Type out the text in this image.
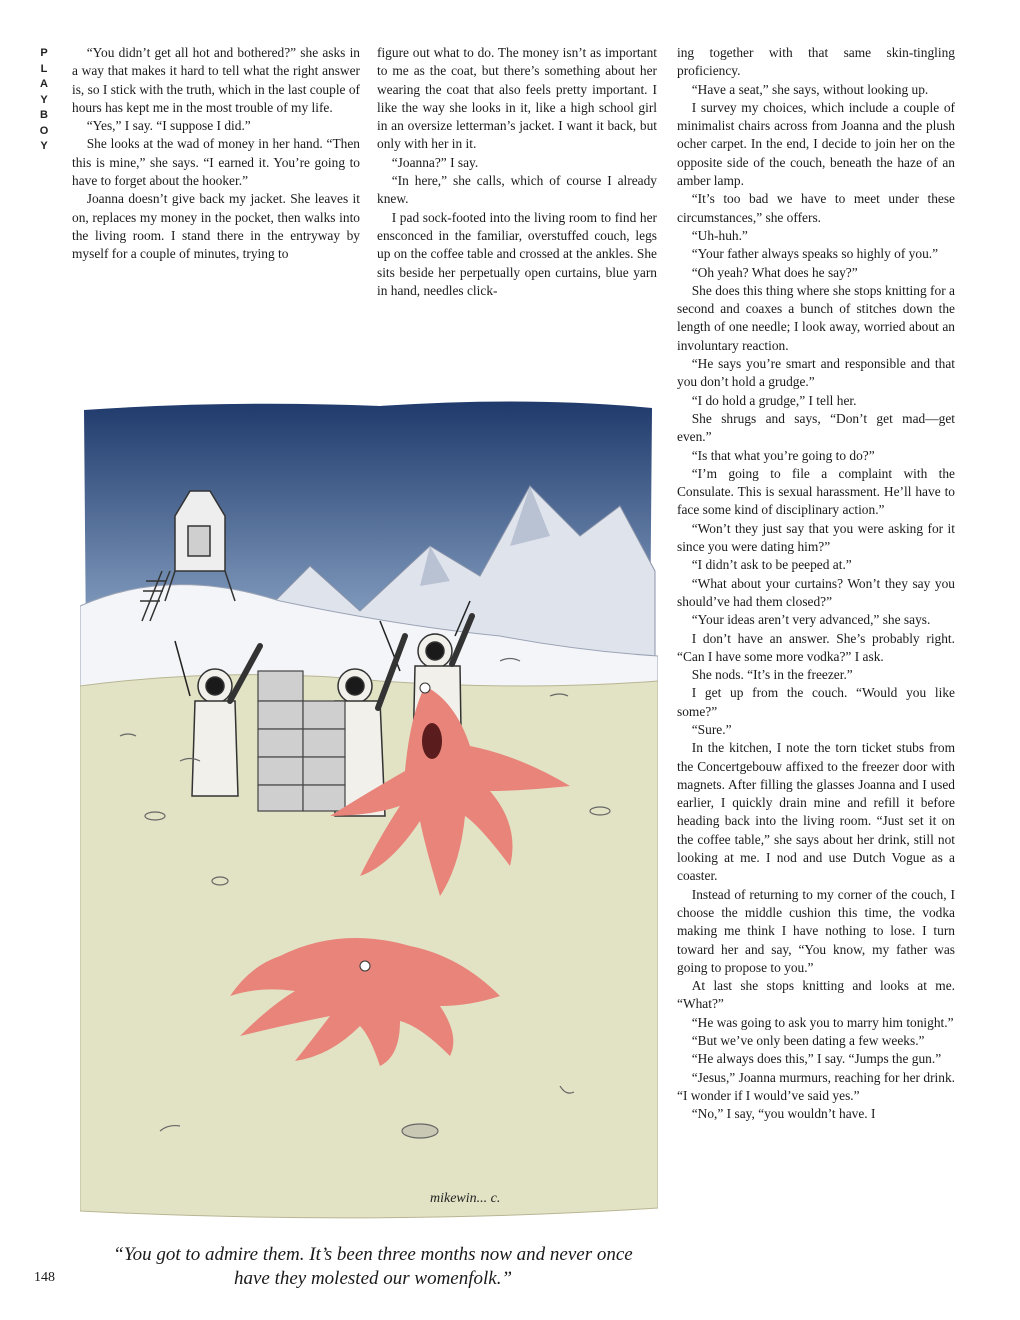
P
L
A
Y
B
O
Y

“You didn’t get all hot and bothered?” she asks in a way that makes it hard to tell what the right answer is, so I stick with the truth, which in the last couple of hours has kept me in the most trouble of my life.

“Yes,” I say. “I suppose I did.”

She looks at the wad of money in her hand. “Then this is mine,” she says. “I earned it. You’re going to have to forget about the hooker.”

Joanna doesn’t give back my jacket. She leaves it on, replaces my money in the pocket, then walks into the living room. I stand there in the entryway by myself for a couple of minutes, trying to

figure out what to do. The money isn’t as important to me as the coat, but there’s something about her wearing the coat that also feels pretty important. I like the way she looks in it, like a high school girl in an oversize letterman’s jacket. I want it back, but only with her in it.

“Joanna?” I say.

“In here,” she calls, which of course I already knew.

I pad sock-footed into the living room to find her ensconced in the familiar, overstuffed couch, legs up on the coffee table and crossed at the ankles. She sits beside her perpetually open curtains, blue yarn in hand, needles click-

ing together with that same skin-tingling proficiency.

“Have a seat,” she says, without looking up.

I survey my choices, which include a couple of minimalist chairs across from Joanna and the plush ocher carpet. In the end, I decide to join her on the opposite side of the couch, beneath the haze of an amber lamp.

“It’s too bad we have to meet under these circumstances,” she offers.

“Uh-huh.”

“Your father always speaks so highly of you.”

“Oh yeah? What does he say?”

She does this thing where she stops knitting for a second and coaxes a bunch of stitches down the length of one needle; I look away, worried about an involuntary reaction.

“He says you’re smart and responsible and that you don’t hold a grudge.”

“I do hold a grudge,” I tell her.

She shrugs and says, “Don’t get mad—get even.”

“Is that what you’re going to do?”

“I’m going to file a complaint with the Consulate. This is sexual harassment. He’ll have to face some kind of disciplinary action.”

“Won’t they just say that you were asking for it since you were dating him?”

“I didn’t ask to be peeped at.”

“What about your curtains? Won’t they say you should’ve had them closed?”

“Your ideas aren’t very advanced,” she says.

I don’t have an answer. She’s probably right. “Can I have some more vodka?” I ask.

She nods. “It’s in the freezer.”

I get up from the couch. “Would you like some?”

“Sure.”

In the kitchen, I note the torn ticket stubs from the Concertgebouw affixed to the freezer door with magnets. After filling the glasses Joanna and I used earlier, I quickly drain mine and refill it before heading back into the living room. “Just set it on the coffee table,” she says about her drink, still not looking at me. I nod and use Dutch Vogue as a coaster.

Instead of returning to my corner of the couch, I choose the middle cushion this time, the vodka making me think I have nothing to lose. I turn toward her and say, “You know, my father was going to propose to you.”

At last she stops knitting and looks at me. “What?”

“He was going to ask you to marry him tonight.”

“But we’ve only been dating a few weeks.”

“He always does this,” I say. “Jumps the gun.”

“Jesus,” Joanna murmurs, reaching for her drink. “I wonder if I would’ve said yes.”

“No,” I say, “you wouldn’t have. I

mikewin... c.
“You got to admire them. It’s been three months now and never once have they molested our womenfolk.”
148
